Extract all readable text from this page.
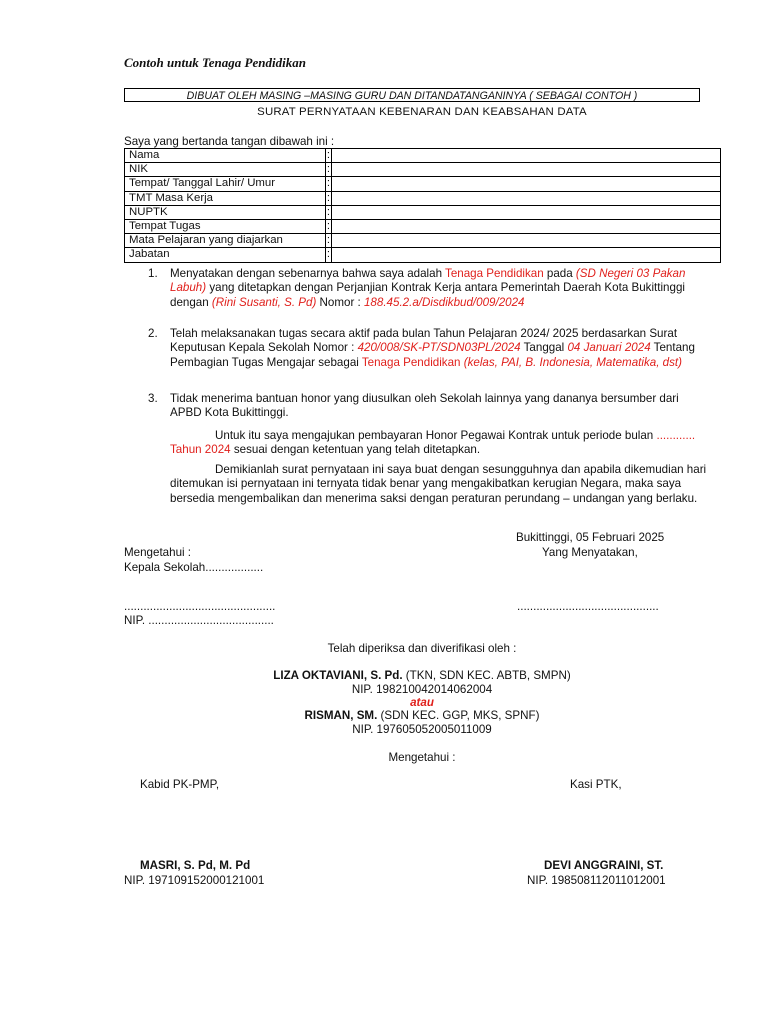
Contoh untuk Tenaga Pendidikan
DIBUAT OLEH MASING –MASING GURU DAN DITANDATANGANINYA ( SEBAGAI CONTOH )
SURAT PERNYATAAN KEBENARAN DAN KEABSAHAN DATA
Saya yang bertanda tangan dibawah ini :
Nama	:	
NIK	:	
Tempat/ Tanggal Lahir/ Umur	:	
TMT Masa Kerja	:	
NUPTK	:	
Tempat Tugas	:	
Mata Pelajaran yang diajarkan	:	
Jabatan	:	
1. Menyatakan dengan sebenarnya bahwa saya adalah Tenaga Pendidikan pada (SD Negeri 03 Pakan Labuh) yang ditetapkan dengan Perjanjian Kontrak Kerja antara Pemerintah Daerah Kota Bukittinggi dengan (Rini Susanti, S. Pd) Nomor : 188.45.2.a/Disdikbud/009/2024
2. Telah melaksanakan tugas secara aktif pada bulan Tahun Pelajaran 2024/ 2025 berdasarkan Surat Keputusan Kepala Sekolah Nomor : 420/008/SK-PT/SDN03PL/2024 Tanggal 04 Januari 2024 Tentang Pembagian Tugas Mengajar sebagai Tenaga Pendidikan (kelas, PAI, B. Indonesia, Matematika, dst)
3. Tidak menerima bantuan honor yang diusulkan oleh Sekolah lainnya yang dananya bersumber dari APBD Kota Bukittinggi.
Untuk itu saya mengajukan pembayaran Honor Pegawai Kontrak untuk periode bulan ............ Tahun 2024 sesuai dengan ketentuan yang telah ditetapkan.
Demikianlah surat pernyataan ini saya buat dengan sesungguhnya dan apabila dikemudian hari ditemukan isi pernyataan ini ternyata tidak benar yang mengakibatkan kerugian Negara, maka saya bersedia mengembalikan dan menerima saksi dengan peraturan perundang – undangan yang berlaku.
Bukittinggi, 05 Februari 2025
Mengetahui :	Yang Menyatakan,
Kepala Sekolah..................
...............................................	............................................
NIP. .......................................
Telah diperiksa dan diverifikasi oleh :
LIZA OKTAVIANI, S. Pd. (TKN, SDN KEC. ABTB, SMPN)
NIP. 198210042014062004
atau
RISMAN, SM. (SDN KEC. GGP, MKS, SPNF)
NIP. 197605052005011009
Mengetahui :
Kabid PK-PMP,	Kasi PTK,
MASRI, S. Pd, M. Pd
NIP. 197109152000121001
DEVI ANGGRAINI, ST.
NIP. 198508112011012001
